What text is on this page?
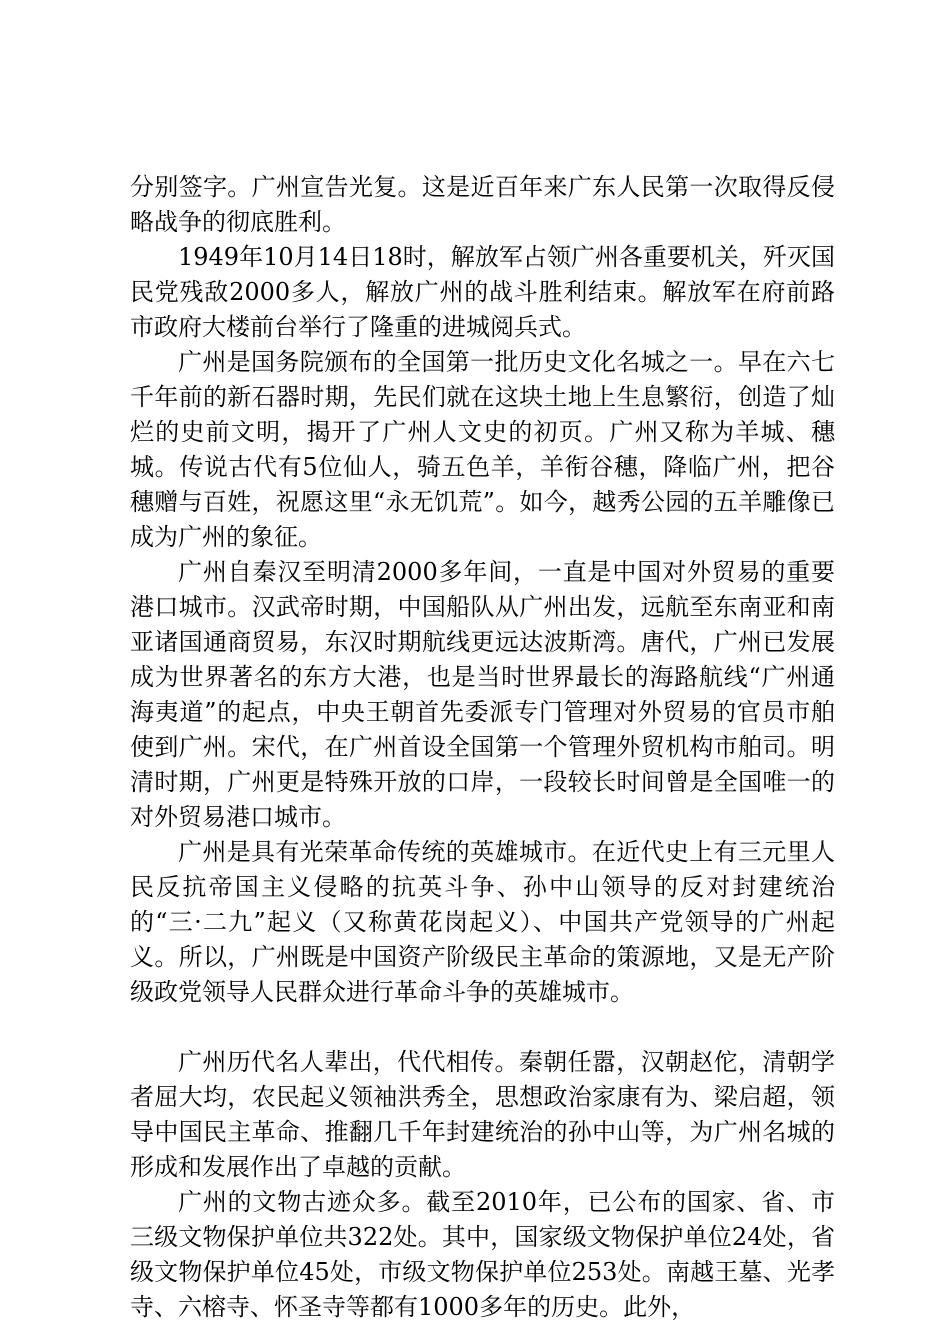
分别签字。广州宣告光复。这是近百年来广东人民第一次取得反侵略战争的彻底胜利。

1949年10月14日18时，解放军占领广州各重要机关，歼灭国民党残敌2000多人，解放广州的战斗胜利结束。解放军在府前路市政府大楼前台举行了隆重的进城阅兵式。

广州是国务院颁布的全国第一批历史文化名城之一。早在六七千年前的新石器时期，先民们就在这块土地上生息繁衍，创造了灿烂的史前文明，揭开了广州人文史的初页。广州又称为羊城、穗城。传说古代有5位仙人，骑五色羊，羊衔谷穗，降临广州，把谷穗赠与百姓，祝愿这里“永无饥荒”。如今，越秀公园的五羊雕像已成为广州的象征。

广州自秦汉至明清2000多年间，一直是中国对外贸易的重要港口城市。汉武帝时期，中国船队从广州出发，远航至东南亚和南亚诸国通商贸易，东汉时期航线更远达波斯湾。唐代，广州已发展成为世界著名的东方大港，也是当时世界最长的海路航线“广州通海夷道”的起点，中央王朝首先委派专门管理对外贸易的官员市舶使到广州。宋代，在广州首设全国第一个管理外贸机构市舶司。明清时期，广州更是特殊开放的口岸，一段较长时间曾是全国唯一的对外贸易港口城市。

广州是具有光荣革命传统的英雄城市。在近代史上有三元里人民反抗帝国主义侵略的抗英斗争、孙中山领导的反对封建统治的“三·二九”起义（又称黄花岗起义）、中国共产党领导的广州起义。所以，广州既是中国资产阶级民主革命的策源地，又是无产阶级政党领导人民群众进行革命斗争的英雄城市。

广州历代名人辈出，代代相传。秦朝任嚣，汉朝赵佗，清朝学者屈大均，农民起义领袖洪秀全，思想政治家康有为、梁启超，领导中国民主革命、推翻几千年封建统治的孙中山等，为广州名城的形成和发展作出了卓越的贡献。

广州的文物古迹众多。截至2010年，已公布的国家、省、市三级文物保护单位共322处。其中，国家级文物保护单位24处，省级文物保护单位45处，市级文物保护单位253处。南越王墓、光孝寺、六榕寺、怀圣寺等都有1000多年的历史。此外，
